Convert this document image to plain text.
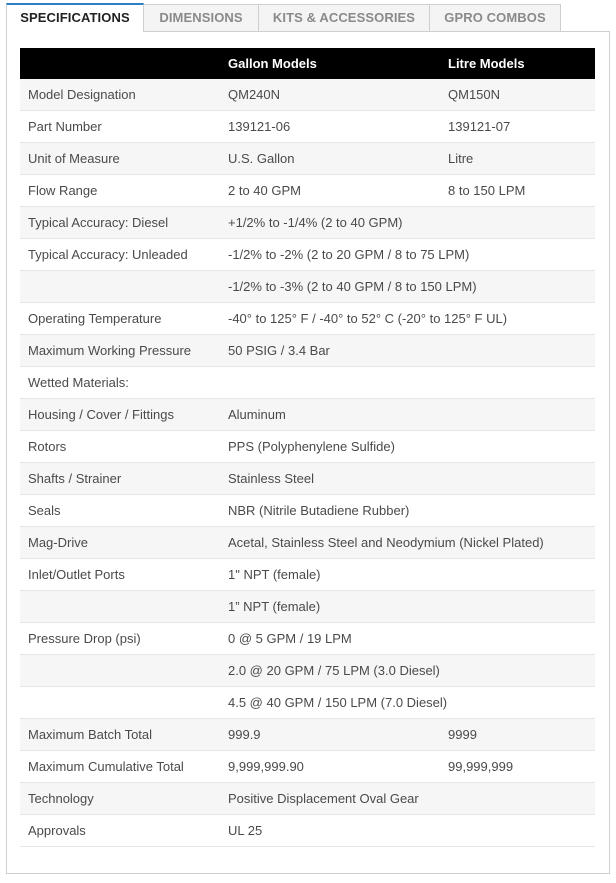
SPECIFICATIONS	DIMENSIONS	KITS & ACCESSORIES	GPRO COMBOS
	Gallon Models	Litre Models
Model Designation	QM240N	QM150N
Part Number	139121-06	139121-07
Unit of Measure	U.S. Gallon	Litre
Flow Range	2 to 40 GPM	8 to 150 LPM
Typical Accuracy: Diesel	+1/2% to -1/4% (2 to 40 GPM)	
Typical Accuracy: Unleaded	-1/2% to -2% (2 to 20 GPM / 8 to 75 LPM)	
	-1/2% to -3% (2 to 40 GPM / 8 to 150 LPM)	
Operating Temperature	-40° to 125° F / -40° to 52° C (-20° to 125° F UL)	
Maximum Working Pressure	50 PSIG / 3.4 Bar	
Wetted Materials:		
Housing / Cover / Fittings	Aluminum	
Rotors	PPS (Polyphenylene Sulfide)	
Shafts / Strainer	Stainless Steel	
Seals	NBR (Nitrile Butadiene Rubber)	
Mag-Drive	Acetal, Stainless Steel and Neodymium (Nickel Plated)	
Inlet/Outlet Ports	1" NPT (female)	
	1” NPT (female)	
Pressure Drop (psi)	0 @ 5 GPM / 19 LPM	
	2.0 @ 20 GPM / 75 LPM (3.0 Diesel)	
	4.5 @ 40 GPM / 150 LPM (7.0 Diesel)	
Maximum Batch Total	999.9	9999
Maximum Cumulative Total	9,999,999.90	99,999,999
Technology	Positive Displacement Oval Gear	
Approvals	UL 25	
